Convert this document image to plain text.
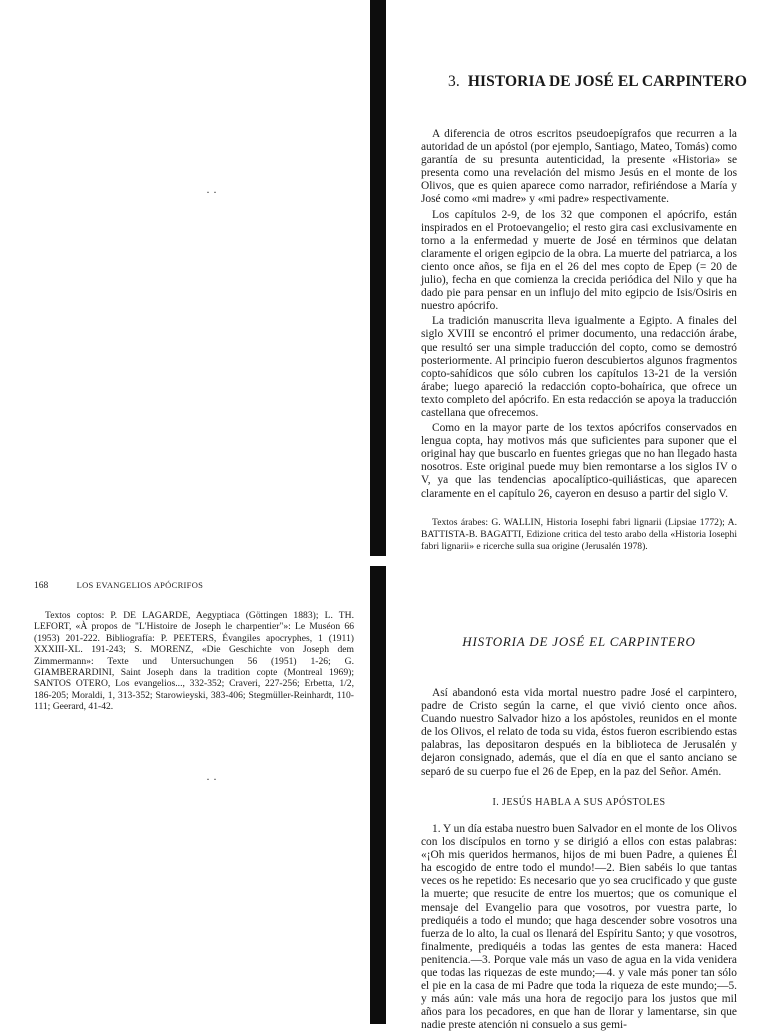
· ·
· ·
3. HISTORIA DE JOSÉ EL CARPINTERO

A diferencia de otros escritos pseudoepígrafos que recurren a la autoridad de un apóstol (por ejemplo, Santiago, Mateo, Tomás) como garantía de su presunta autenticidad, la presente «Historia» se presenta como una revelación del mismo Jesús en el monte de los Olivos, que es quien aparece como narrador, refiriéndose a María y José como «mi madre» y «mi padre» respectivamente.

Los capítulos 2-9, de los 32 que componen el apócrifo, están inspirados en el Protoevangelio; el resto gira casi exclusivamente en torno a la enfermedad y muerte de José en términos que delatan claramente el origen egipcio de la obra. La muerte del patriarca, a los ciento once años, se fija en el 26 del mes copto de Epep (= 20 de julio), fecha en que comienza la crecida periódica del Nilo y que ha dado pie para pensar en un influjo del mito egipcio de Isis/Osiris en nuestro apócrifo.

La tradición manuscrita lleva igualmente a Egipto. A finales del siglo XVIII se encontró el primer documento, una redacción árabe, que resultó ser una simple traducción del copto, como se demostró posteriormente. Al principio fueron descubiertos algunos fragmentos copto-sahídicos que sólo cubren los capítulos 13-21 de la versión árabe; luego apareció la redacción copto-bohaírica, que ofrece un texto completo del apócrifo. En esta redacción se apoya la traducción castellana que ofrecemos.

Como en la mayor parte de los textos apócrifos conservados en lengua copta, hay motivos más que suficientes para suponer que el original hay que buscarlo en fuentes griegas que no han llegado hasta nosotros. Este original puede muy bien remontarse a los siglos IV o V, ya que las tendencias apocalíptico-quiliásticas, que aparecen claramente en el capítulo 26, cayeron en desuso a partir del siglo V.

Textos árabes: G. WALLIN, Historia Iosephi fabri lignarii (Lipsiae 1772); A. BATTISTA-B. BAGATTI, Edizione critica del testo arabo della «Historia Iosephi fabri lignarii» e ricerche sulla sua origine (Jerusalén 1978).

168	LOS EVANGELIOS APÓCRIFOS

Textos coptos: P. DE LAGARDE, Aegyptiaca (Göttingen 1883); L. TH. LEFORT, «À propos de "L'Histoire de Joseph le charpentier"»: Le Muséon 66 (1953) 201-222. Bibliografía: P. PEETERS, Évangiles apocryphes, 1 (1911) XXXIII-XL. 191-243; S. MORENZ, «Die Geschichte von Joseph dem Zimmermann»: Texte und Untersuchungen 56 (1951) 1-26; G. GIAMBERARDINI, Saint Joseph dans la tradition copte (Montreal 1969); SANTOS OTERO, Los evangelios..., 332-352; Craveri, 227-256; Erbetta, 1/2, 186-205; Moraldi, 1, 313-352; Starowieyski, 383-406; Stegmüller-Reinhardt, 110-111; Geerard, 41-42.

HISTORIA DE JOSÉ EL CARPINTERO

Así abandonó esta vida mortal nuestro padre José el carpintero, padre de Cristo según la carne, el que vivió ciento once años. Cuando nuestro Salvador hizo a los apóstoles, reunidos en el monte de los Olivos, el relato de toda su vida, éstos fueron escribiendo estas palabras, las depositaron después en la biblioteca de Jerusalén y dejaron consignado, además, que el día en que el santo anciano se separó de su cuerpo fue el 26 de Epep, en la paz del Señor. Amén.

I. JESÚS HABLA A SUS APÓSTOLES

1. Y un día estaba nuestro buen Salvador en el monte de los Olivos con los discípulos en torno y se dirigió a ellos con estas palabras: «¡Oh mis queridos hermanos, hijos de mi buen Padre, a quienes Él ha escogido de entre todo el mundo!—2. Bien sabéis lo que tantas veces os he repetido: Es necesario que yo sea crucificado y que guste la muerte; que resucite de entre los muertos; que os comunique el mensaje del Evangelio para que vosotros, por vuestra parte, lo prediquéis a todo el mundo; que haga descender sobre vosotros una fuerza de lo alto, la cual os llenará del Espíritu Santo; y que vosotros, finalmente, prediquéis a todas las gentes de esta manera: Haced penitencia.—3. Porque vale más un vaso de agua en la vida venidera que todas las riquezas de este mundo;—4. y vale más poner tan sólo el pie en la casa de mi Padre que toda la riqueza de este mundo;—5. y más aún: vale más una hora de regocijo para los justos que mil años para los pecadores, en que han de llorar y lamentarse, sin que nadie preste atención ni consuelo a sus gemi-
